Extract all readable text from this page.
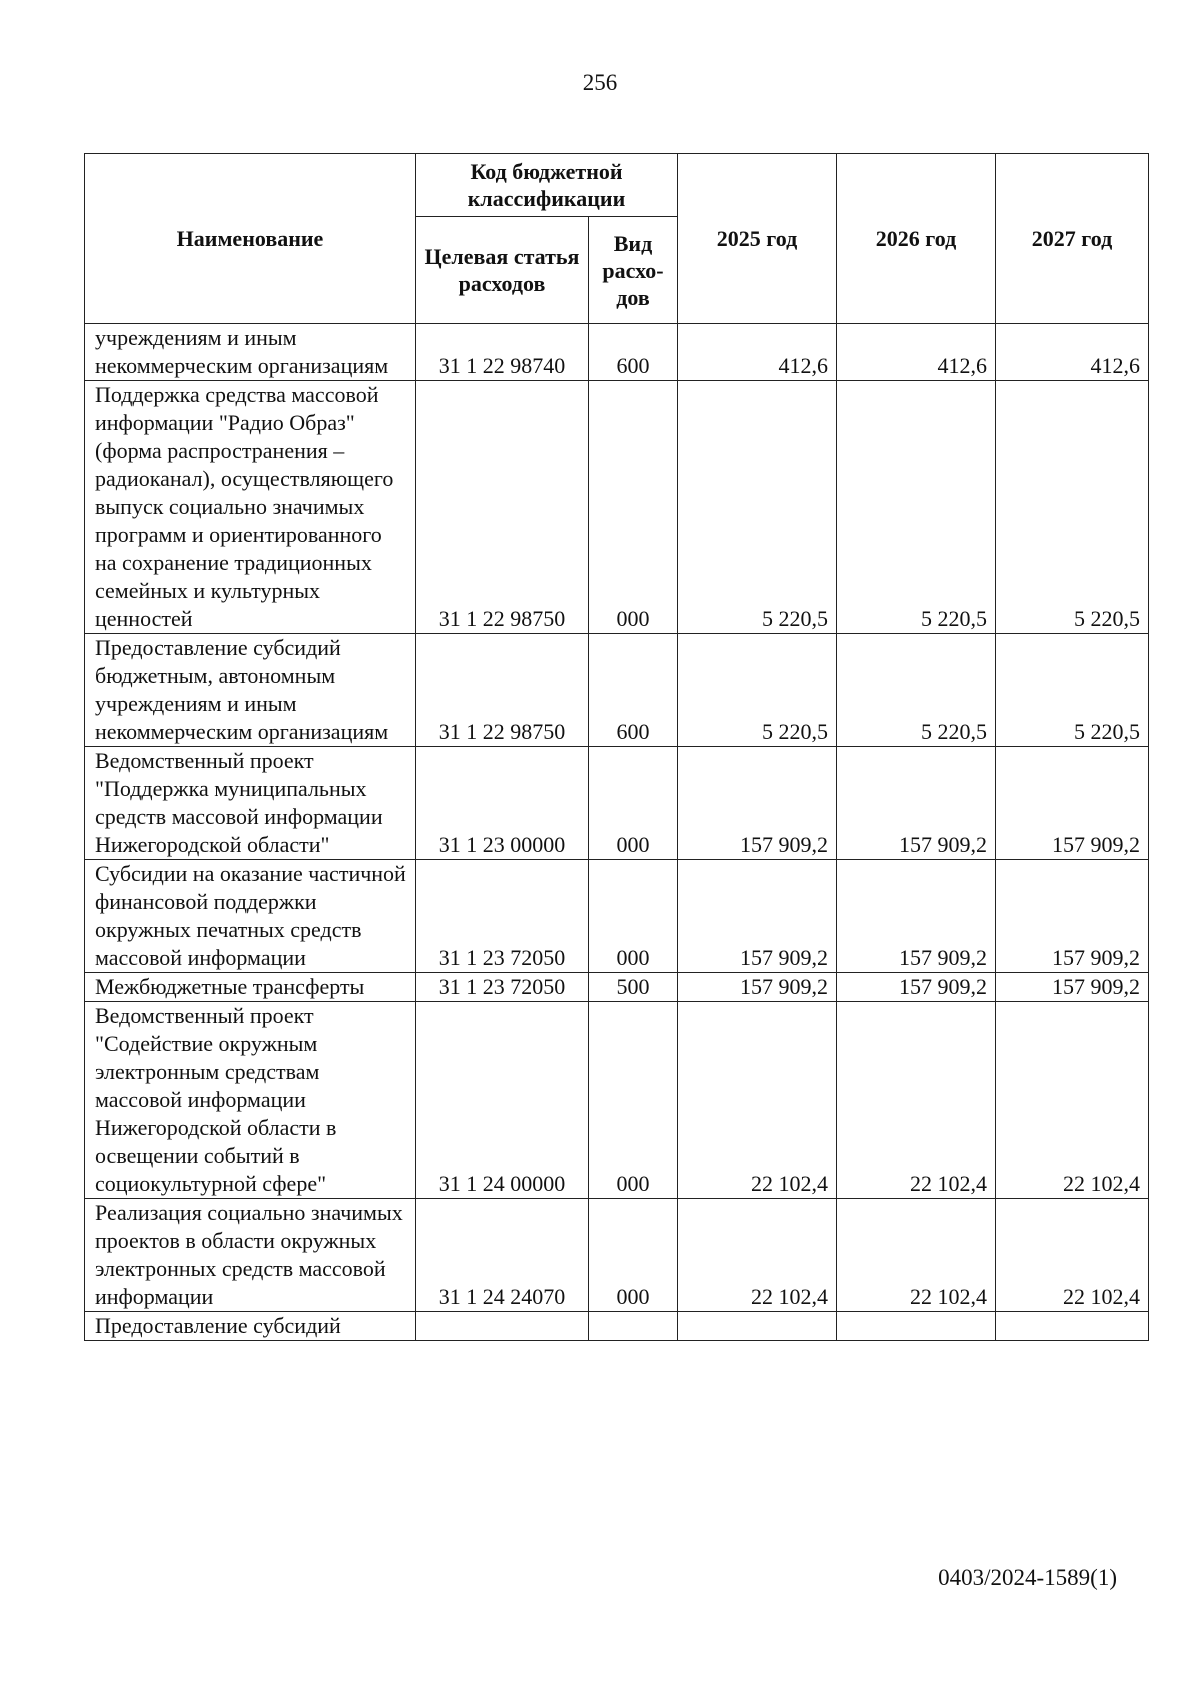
256
Наименование	Код бюджетной классификации		2025 год	2026 год	2027 год
	Целевая статья расходов	Вид расхо-дов			
учреждениям и иным некоммерческим организациям	31 1 22 98740	600	412,6	412,6	412,6
Поддержка средства массовой информации "Радио Образ" (форма распространения – радиоканал), осуществляющего выпуск социально значимых программ и ориентированного на сохранение традиционных семейных и культурных ценностей	31 1 22 98750	000	5 220,5	5 220,5	5 220,5
Предоставление субсидий бюджетным, автономным учреждениям и иным некоммерческим организациям	31 1 22 98750	600	5 220,5	5 220,5	5 220,5
Ведомственный проект "Поддержка муниципальных средств массовой информации Нижегородской области"	31 1 23 00000	000	157 909,2	157 909,2	157 909,2
Субсидии на оказание частичной финансовой поддержки окружных печатных средств массовой информации	31 1 23 72050	000	157 909,2	157 909,2	157 909,2
Межбюджетные трансферты	31 1 23 72050	500	157 909,2	157 909,2	157 909,2
Ведомственный проект "Содействие окружным электронным средствам массовой информации Нижегородской области в освещении событий в социокультурной сфере"	31 1 24 00000	000	22 102,4	22 102,4	22 102,4
Реализация социально значимых проектов в области окружных электронных средств массовой информации	31 1 24 24070	000	22 102,4	22 102,4	22 102,4
Предоставление субсидий					
0403/2024-1589(1)
